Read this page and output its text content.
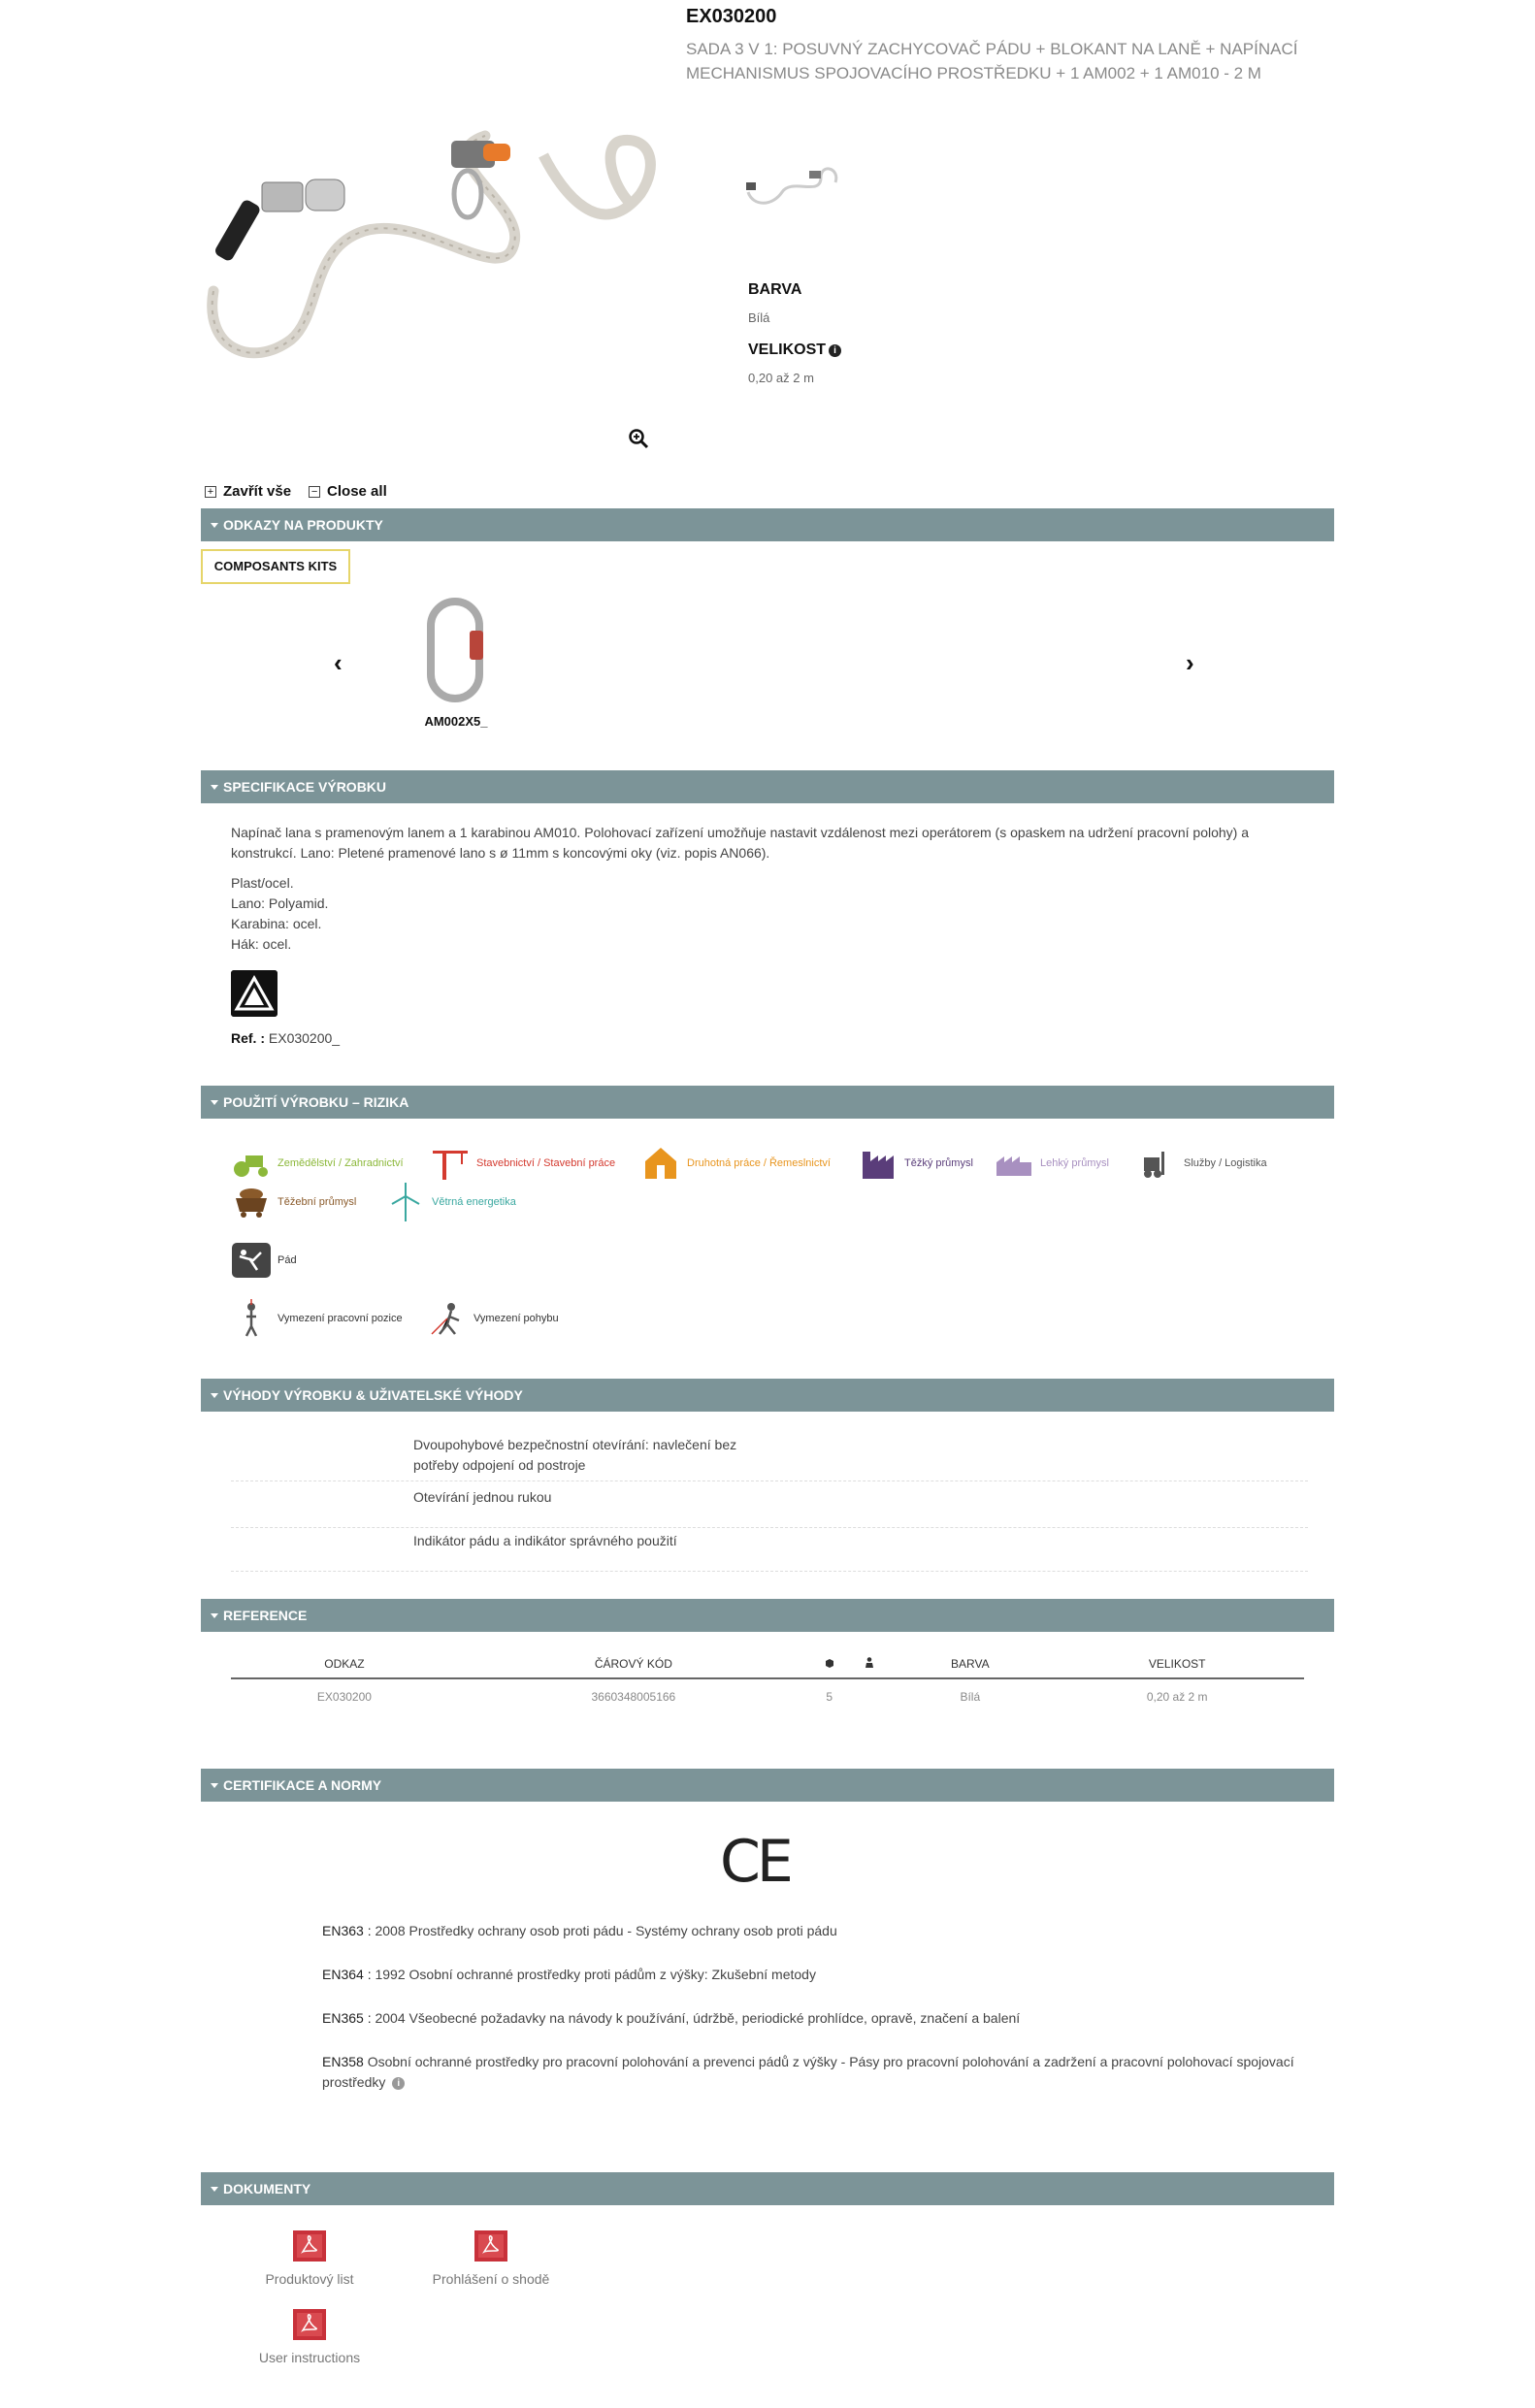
EX030200
SADA 3 V 1: POSUVNÝ ZACHYCOVAČ PÁDU + BLOKANT NA LANĚ + NAPÍNACÍ MECHANISMUS SPOJOVACÍHO PROSTŘEDKU + 1 AM002 + 1 AM010 - 2 M
BARVA
Bílá
VELIKOST i
0,20 až 2 m
+ Zavřít vše − Close all
ODKAZY NA PRODUKTY
COMPOSANTS KITS
‹	›
AM002X5_
SPECIFIKACE VÝROBKU

Napínač lana s pramenovým lanem a 1 karabinou AM010. Polohovací zařízení umožňuje nastavit vzdálenost mezi operátorem (s opaskem na udržení pracovní polohy) a konstrukcí. Lano: Pletené pramenové lano s ø 11mm s koncovými oky (viz. popis AN066).

Plast/ocel.
Lano: Polyamid.
Karabina: ocel.
Hák: ocel.
Ref. : EX030200_
POUŽITÍ VÝROBKU – RIZIKA
Zemědělství / Zahradnictví	Stavebnictví / Stavební práce	Druhotná práce / Řemeslnictví	Těžký průmysl	Lehký průmysl	Služby / Logistika
Těžební průmysl	Větrná energetika
Pád
Vymezení pracovní pozice	Vymezení pohybu
VÝHODY VÝROBKU & UŽIVATELSKÉ VÝHODY
Dvoupohybové bezpečnostní otevírání: navlečení bez potřeby odpojení od postroje
Otevírání jednou rukou
Indikátor pádu a indikátor správného použití
REFERENCE
ODKAZ	ČÁROVÝ KÓD			BARVA	VELIKOST
EX030200	3660348005166	5		Bílá	0,20 až 2 m
CERTIFIKACE A NORMY
CE
EN363 : 2008 Prostředky ochrany osob proti pádu - Systémy ochrany osob proti pádu
EN364 : 1992 Osobní ochranné prostředky proti pádům z výšky: Zkušební metody
EN365 : 2004 Všeobecné požadavky na návody k používání, údržbě, periodické prohlídce, opravě, značení a balení
EN358 Osobní ochranné prostředky pro pracovní polohování a prevenci pádů z výšky - Pásy pro pracovní polohování a zadržení a pracovní polohovací spojovací prostředky i
DOKUMENTY
Produktový list	Prohlášení o shodě
User instructions
